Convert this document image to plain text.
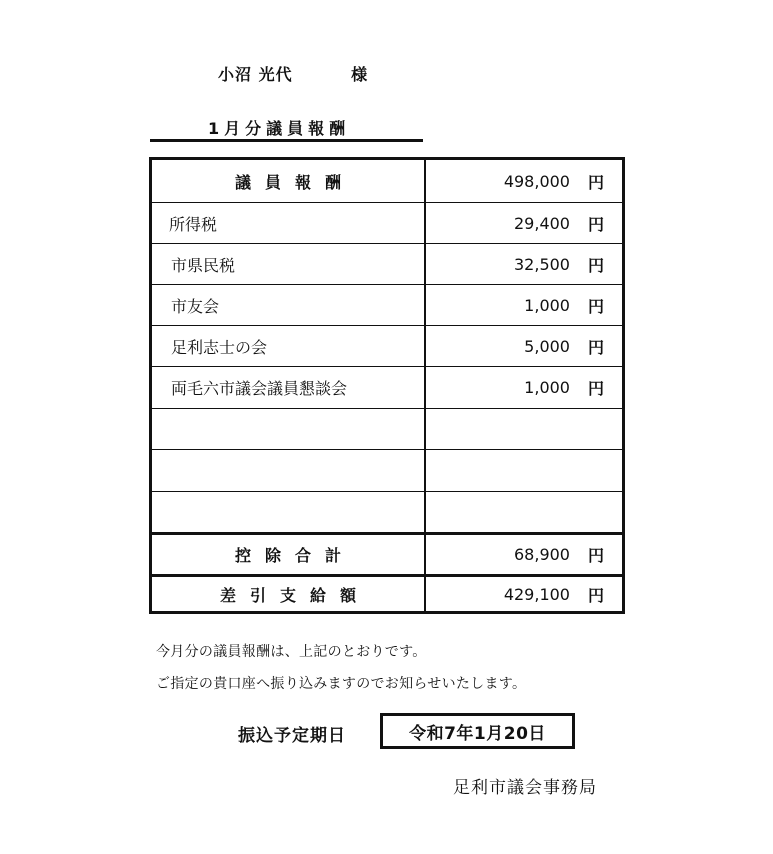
小沼 光代	様
1月分議員報酬
議員報酬	498,000 円
所得税	29,400 円
市県民税	32,500 円
市友会	1,000 円
足利志士の会	5,000 円
両毛六市議会議員懇談会	1,000 円
控除合計	68,900 円
差引支給額	429,100 円
今月分の議員報酬は、上記のとおりです。
ご指定の貴口座へ振り込みますのでお知らせいたします。
振込予定期日	令和7年1月20日
足利市議会事務局
